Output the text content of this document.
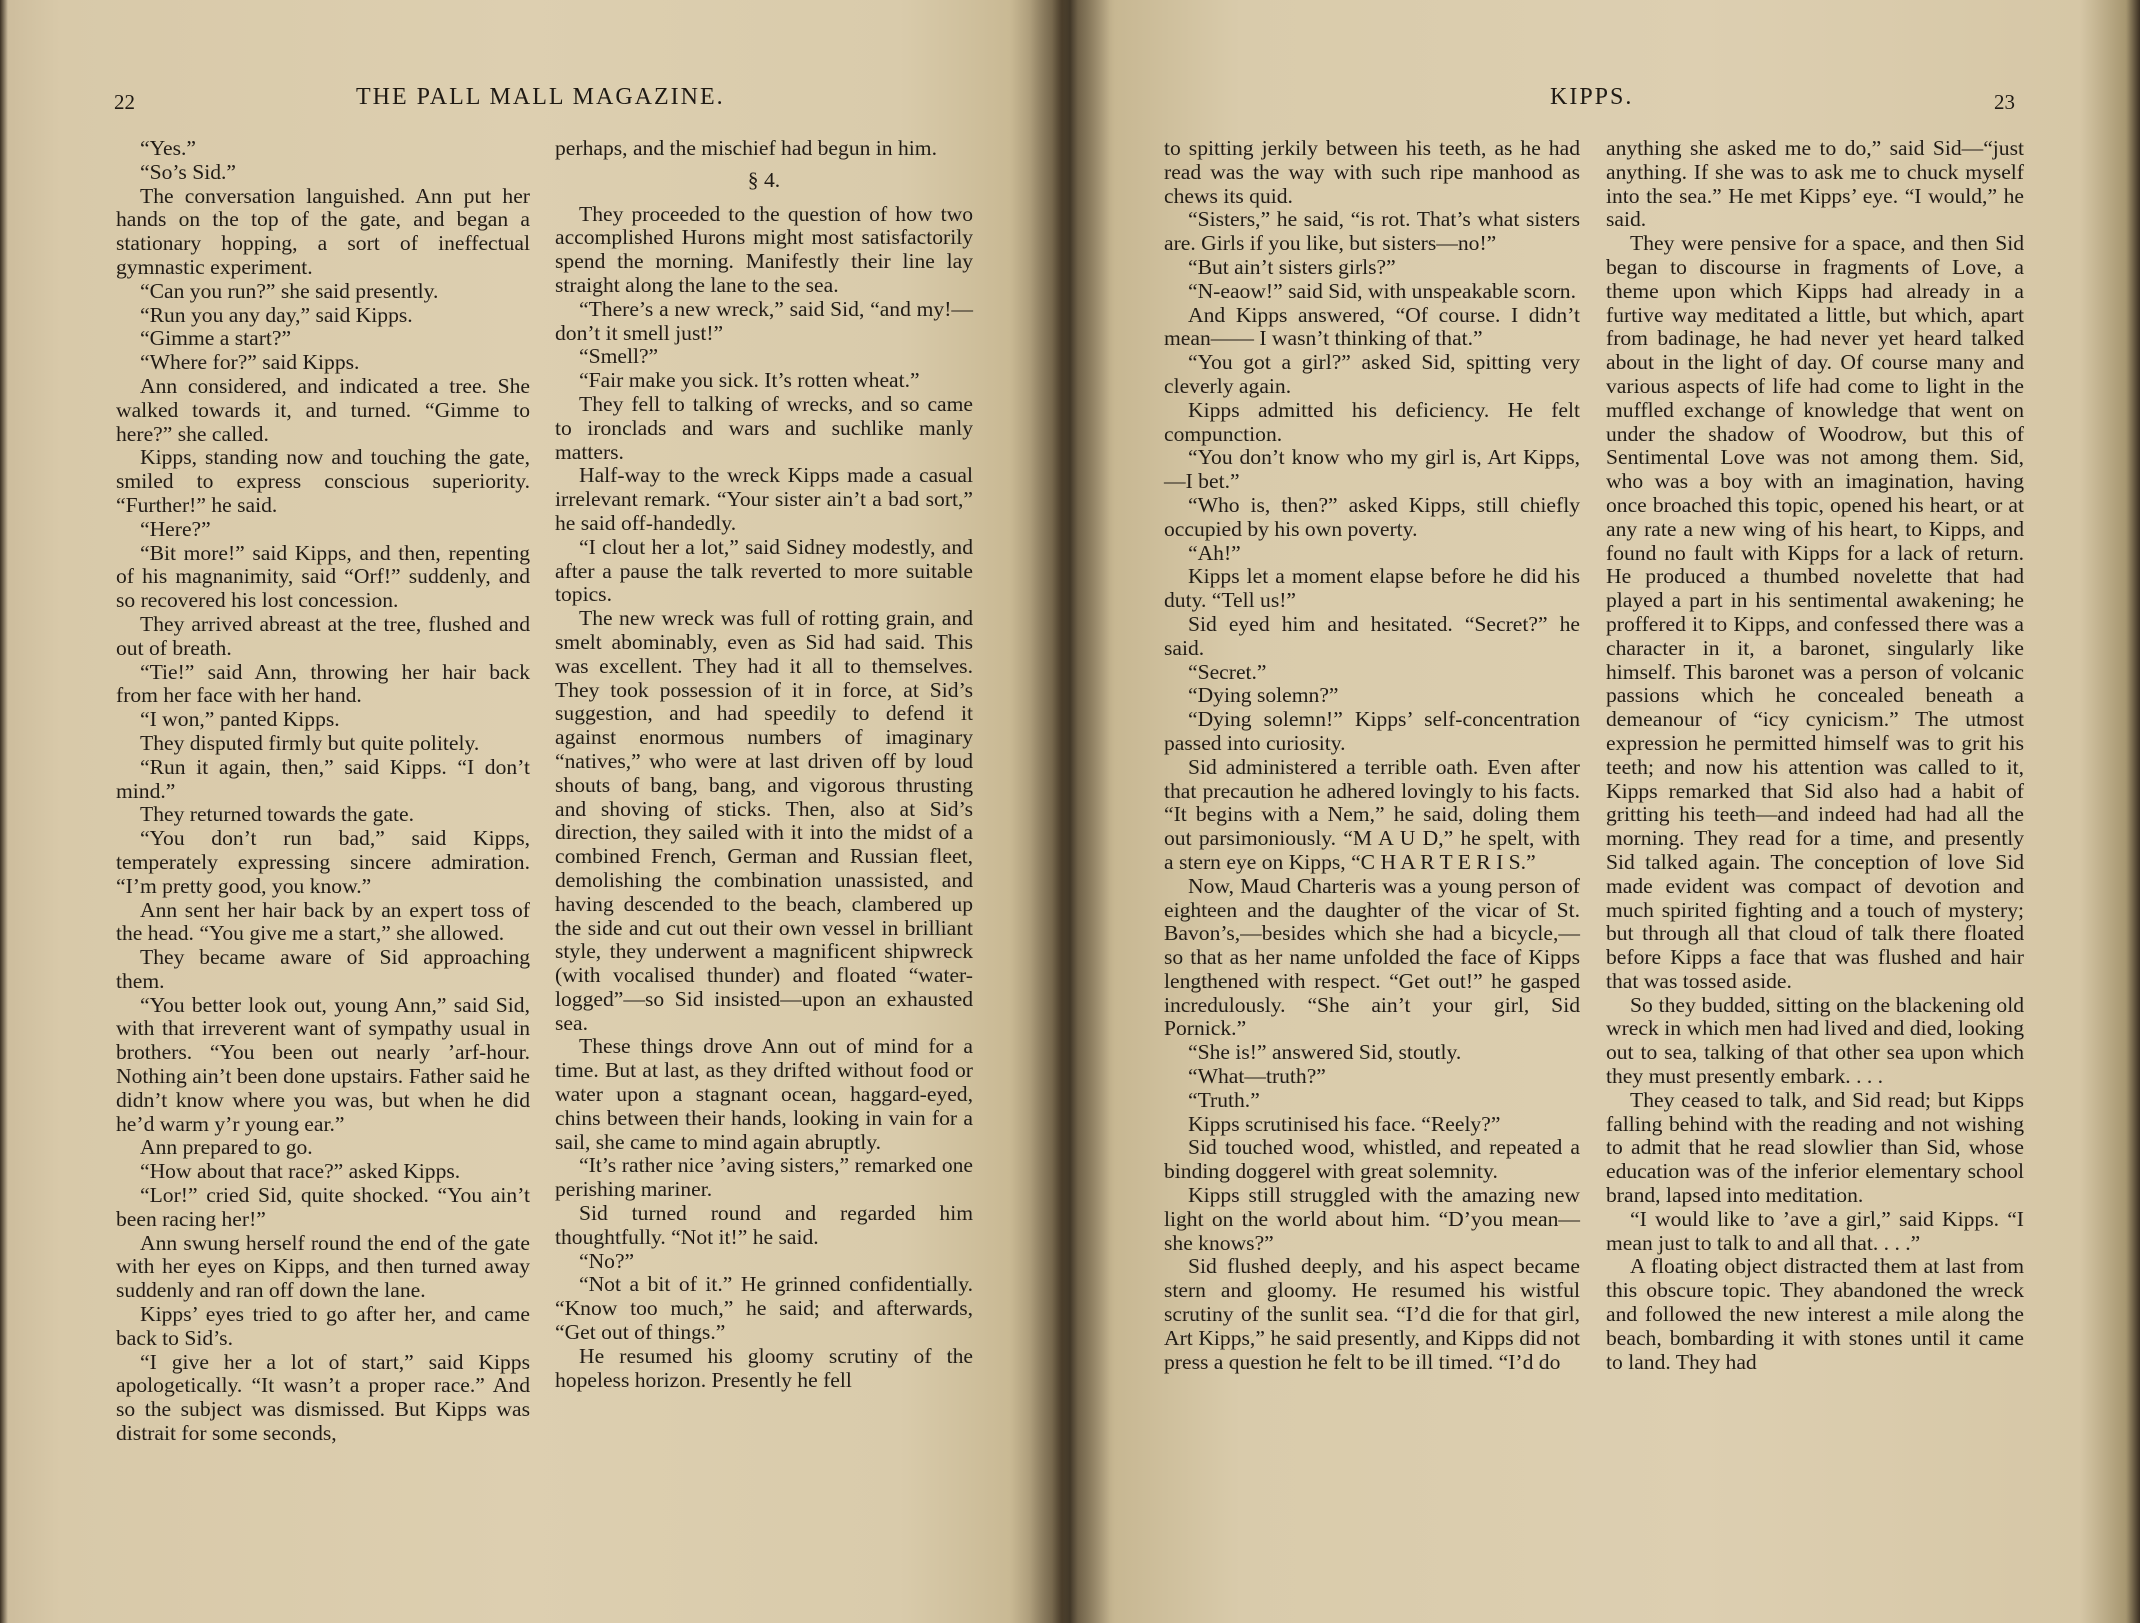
22	THE PALL MALL MAGAZINE.

“Yes.”

“So’s Sid.”

The conversation languished. Ann put her hands on the top of the gate, and began a stationary hopping, a sort of ineffectual gymnastic experiment.

“Can you run?” she said presently.

“Run you any day,” said Kipps.

“Gimme a start?”

“Where for?” said Kipps.

Ann considered, and indicated a tree. She walked towards it, and turned. “Gimme to here?” she called.

Kipps, standing now and touching the gate, smiled to express conscious superiority. “Further!” he said.

“Here?”

“Bit more!” said Kipps, and then, repenting of his magnanimity, said “Orf!” suddenly, and so recovered his lost concession.

They arrived abreast at the tree, flushed and out of breath.

“Tie!” said Ann, throwing her hair back from her face with her hand.

“I won,” panted Kipps.

They disputed firmly but quite politely.

“Run it again, then,” said Kipps. “I don’t mind.”

They returned towards the gate.

“You don’t run bad,” said Kipps, temperately expressing sincere admiration. “I’m pretty good, you know.”

Ann sent her hair back by an expert toss of the head. “You give me a start,” she allowed.

They became aware of Sid approaching them.

“You better look out, young Ann,” said Sid, with that irreverent want of sympathy usual in brothers. “You been out nearly ’arf-hour. Nothing ain’t been done upstairs. Father said he didn’t know where you was, but when he did he’d warm y’r young ear.”

Ann prepared to go.

“How about that race?” asked Kipps.

“Lor!” cried Sid, quite shocked. “You ain’t been racing her!”

Ann swung herself round the end of the gate with her eyes on Kipps, and then turned away suddenly and ran off down the lane.

Kipps’ eyes tried to go after her, and came back to Sid’s.

“I give her a lot of start,” said Kipps apologetically. “It wasn’t a proper race.” And so the subject was dismissed. But Kipps was distrait for some seconds,

perhaps, and the mischief had begun in him.

§ 4.

They proceeded to the question of how two accomplished Hurons might most satisfactorily spend the morning. Manifestly their line lay straight along the lane to the sea.

“There’s a new wreck,” said Sid, “and my!—don’t it smell just!”

“Smell?”

“Fair make you sick. It’s rotten wheat.”

They fell to talking of wrecks, and so came to ironclads and wars and suchlike manly matters.

Half-way to the wreck Kipps made a casual irrelevant remark. “Your sister ain’t a bad sort,” he said off-handedly.

“I clout her a lot,” said Sidney modestly, and after a pause the talk reverted to more suitable topics.

The new wreck was full of rotting grain, and smelt abominably, even as Sid had said. This was excellent. They had it all to themselves. They took possession of it in force, at Sid’s suggestion, and had speedily to defend it against enormous numbers of imaginary “natives,” who were at last driven off by loud shouts of bang, bang, and vigorous thrusting and shoving of sticks. Then, also at Sid’s direction, they sailed with it into the midst of a combined French, German and Russian fleet, demolishing the combination unassisted, and having descended to the beach, clambered up the side and cut out their own vessel in brilliant style, they underwent a magnificent shipwreck (with vocalised thunder) and floated “water-logged”—so Sid insisted—upon an exhausted sea.

These things drove Ann out of mind for a time. But at last, as they drifted without food or water upon a stagnant ocean, haggard-eyed, chins between their hands, looking in vain for a sail, she came to mind again abruptly.

“It’s rather nice ’aving sisters,” remarked one perishing mariner.

Sid turned round and regarded him thoughtfully. “Not it!” he said.

“No?”

“Not a bit of it.” He grinned confidentially. “Know too much,” he said; and afterwards, “Get out of things.”

He resumed his gloomy scrutiny of the hopeless horizon. Presently he fell

KIPPS.	23

to spitting jerkily between his teeth, as he had read was the way with such ripe manhood as chews its quid.

“Sisters,” he said, “is rot. That’s what sisters are. Girls if you like, but sisters—no!”

“But ain’t sisters girls?”

“N-eaow!” said Sid, with unspeakable scorn.

And Kipps answered, “Of course. I didn’t mean—— I wasn’t thinking of that.”

“You got a girl?” asked Sid, spitting very cleverly again.

Kipps admitted his deficiency. He felt compunction.

“You don’t know who my girl is, Art Kipps,—I bet.”

“Who is, then?” asked Kipps, still chiefly occupied by his own poverty.

“Ah!”

Kipps let a moment elapse before he did his duty. “Tell us!”

Sid eyed him and hesitated. “Secret?” he said.

“Secret.”

“Dying solemn?”

“Dying solemn!” Kipps’ self-concentration passed into curiosity.

Sid administered a terrible oath. Even after that precaution he adhered lovingly to his facts. “It begins with a Nem,” he said, doling them out parsimoniously. “M A U D,” he spelt, with a stern eye on Kipps, “C H A R T E R I S.”

Now, Maud Charteris was a young person of eighteen and the daughter of the vicar of St. Bavon’s,—besides which she had a bicycle,—so that as her name unfolded the face of Kipps lengthened with respect. “Get out!” he gasped incredulously. “She ain’t your girl, Sid Pornick.”

“She is!” answered Sid, stoutly.

“What—truth?”

“Truth.”

Kipps scrutinised his face. “Reely?”

Sid touched wood, whistled, and repeated a binding doggerel with great solemnity.

Kipps still struggled with the amazing new light on the world about him. “D’you mean—she knows?”

Sid flushed deeply, and his aspect became stern and gloomy. He resumed his wistful scrutiny of the sunlit sea. “I’d die for that girl, Art Kipps,” he said presently, and Kipps did not press a question he felt to be ill timed. “I’d do

anything she asked me to do,” said Sid—“just anything. If she was to ask me to chuck myself into the sea.” He met Kipps’ eye. “I would,” he said.

They were pensive for a space, and then Sid began to discourse in fragments of Love, a theme upon which Kipps had already in a furtive way meditated a little, but which, apart from badinage, he had never yet heard talked about in the light of day. Of course many and various aspects of life had come to light in the muffled exchange of knowledge that went on under the shadow of Woodrow, but this of Sentimental Love was not among them. Sid, who was a boy with an imagination, having once broached this topic, opened his heart, or at any rate a new wing of his heart, to Kipps, and found no fault with Kipps for a lack of return. He produced a thumbed novelette that had played a part in his sentimental awakening; he proffered it to Kipps, and confessed there was a character in it, a baronet, singularly like himself. This baronet was a person of volcanic passions which he concealed beneath a demeanour of “icy cynicism.” The utmost expression he permitted himself was to grit his teeth; and now his attention was called to it, Kipps remarked that Sid also had a habit of gritting his teeth—and indeed had had all the morning. They read for a time, and presently Sid talked again. The conception of love Sid made evident was compact of devotion and much spirited fighting and a touch of mystery; but through all that cloud of talk there floated before Kipps a face that was flushed and hair that was tossed aside.

So they budded, sitting on the blackening old wreck in which men had lived and died, looking out to sea, talking of that other sea upon which they must presently embark. . . .

They ceased to talk, and Sid read; but Kipps falling behind with the reading and not wishing to admit that he read slowlier than Sid, whose education was of the inferior elementary school brand, lapsed into meditation.

“I would like to ’ave a girl,” said Kipps. “I mean just to talk to and all that. . . .”

A floating object distracted them at last from this obscure topic. They abandoned the wreck and followed the new interest a mile along the beach, bombarding it with stones until it came to land. They had
